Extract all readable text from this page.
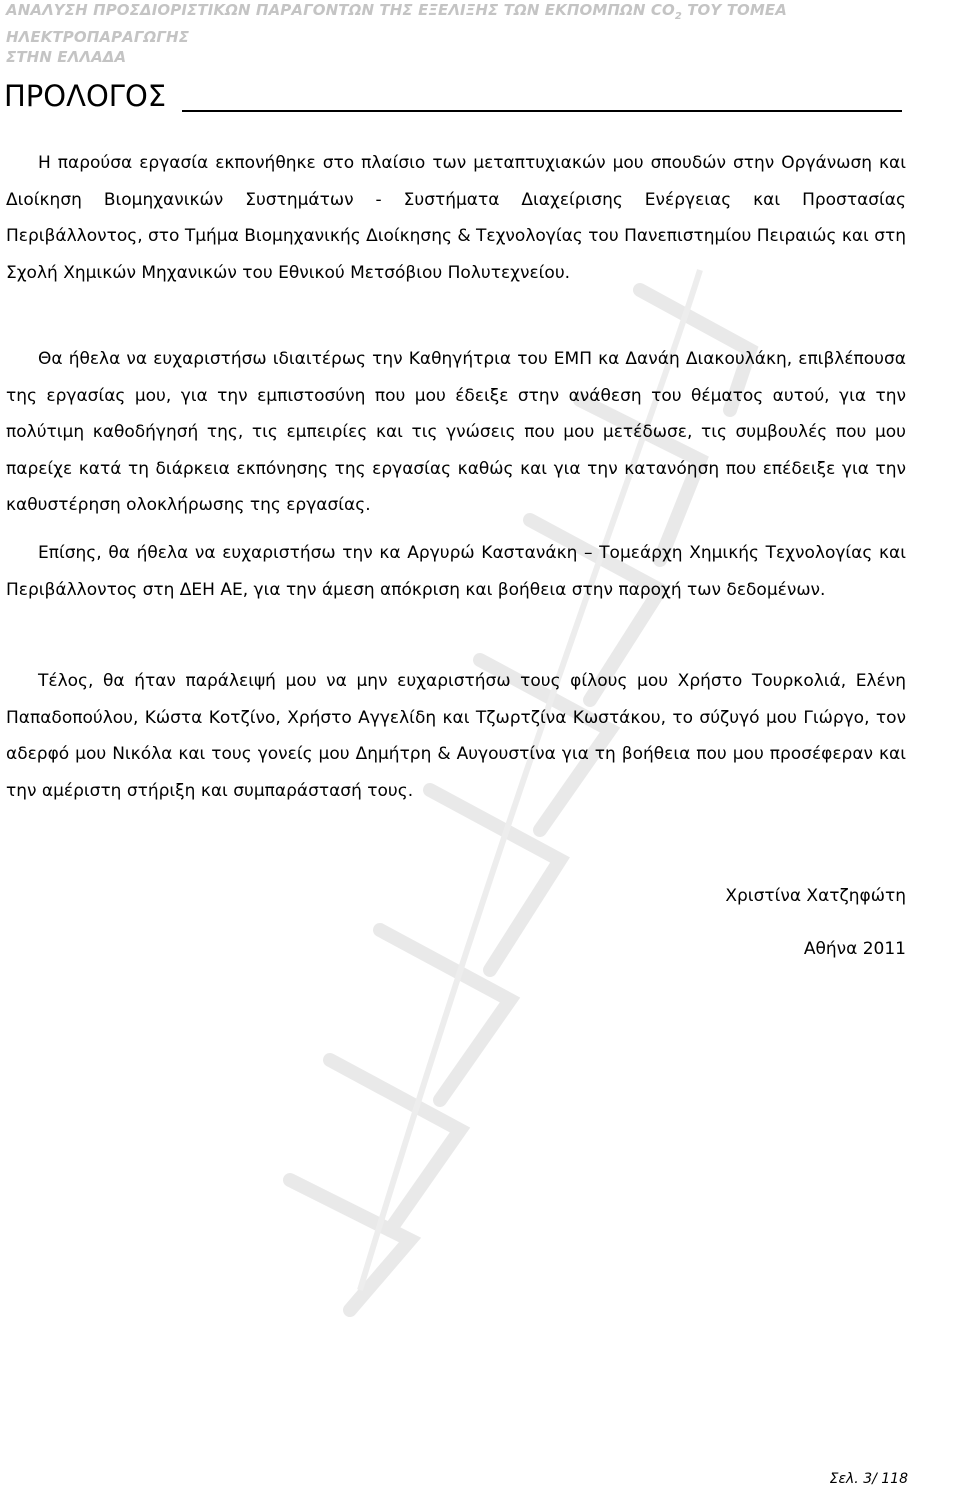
ΑΝΑΛΥΣΗ ΠΡΟΣΔΙΟΡΙΣΤΙΚΩΝ ΠΑΡΑΓΟΝΤΩΝ ΤΗΣ ΕΞΕΛΙΞΗΣ ΤΩΝ ΕΚΠΟΜΠΩΝ $CO_2$ ΤΟΥ ΤΟΜΕΑ ΗΛΕΚΤΡΟΠΑΡΑΓΩΓΗΣ
ΣΤΗΝ ΕΛΛΑΔΑ
ΠΡΟΛΟΓΟΣ

Η παρούσα εργασία εκπονήθηκε στο πλαίσιο των μεταπτυχιακών μου σπουδών στην Οργάνωση και Διοίκηση Βιομηχανικών Συστημάτων - Συστήματα Διαχείρισης Ενέργειας και Προστασίας Περιβάλλοντος, στο Τμήμα Βιομηχανικής Διοίκησης & Τεχνολογίας του Πανεπιστημίου Πειραιώς και στη Σχολή Χημικών Μηχανικών του Εθνικού Μετσόβιου Πολυτεχνείου.

Θα ήθελα να ευχαριστήσω ιδιαιτέρως την Καθηγήτρια του ΕΜΠ κα Δανάη Διακουλάκη, επιβλέπουσα της εργασίας μου, για την εμπιστοσύνη που μου έδειξε στην ανάθεση του θέματος αυτού, για την πολύτιμη καθοδήγησή της, τις εμπειρίες και τις γνώσεις που μου μετέδωσε, τις συμβουλές που μου παρείχε κατά τη διάρκεια εκπόνησης της εργασίας καθώς και για την κατανόηση που επέδειξε για την καθυστέρηση ολοκλήρωσης της εργασίας.

Επίσης, θα ήθελα να ευχαριστήσω την κα Αργυρώ Καστανάκη – Τομεάρχη Χημικής Τεχνολογίας και Περιβάλλοντος στη ΔΕΗ ΑΕ, για την άμεση απόκριση και βοήθεια στην παροχή των δεδομένων.

Τέλος, θα ήταν παράλειψή μου να μην ευχαριστήσω τους φίλους μου Χρήστο Τουρκολιά, Ελένη Παπαδοπούλου, Κώστα Κοτζίνο, Χρήστο Αγγελίδη και Τζωρτζίνα Κωστάκου, το σύζυγό μου Γιώργο, τον αδερφό μου Νικόλα και τους γονείς μου Δημήτρη & Αυγουστίνα για τη βοήθεια που μου προσέφεραν και την αμέριστη στήριξη και συμπαράστασή τους.

Χριστίνα Χατζηφώτη
Αθήνα 2011
Σελ. 3/ 118
